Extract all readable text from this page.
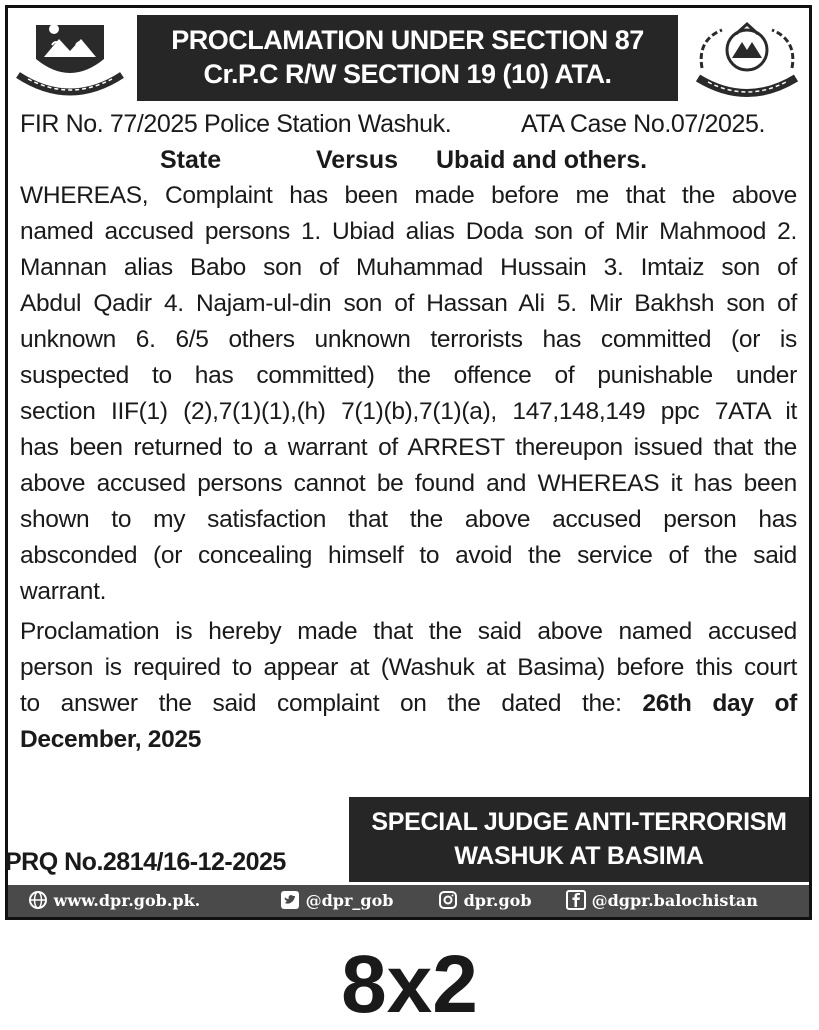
PROCLAMATION UNDER SECTION 87
Cr.P.C R/W SECTION 19 (10) ATA.
FIR No. 77/2025 Police Station Washuk.	ATA Case No.07/2025.
State	Versus Ubaid and others.
WHEREAS, Complaint has been made before me that the above
named accused persons 1. Ubiad alias Doda son of Mir Mahmood 2.
Mannan alias Babo son of Muhammad Hussain 3. Imtaiz son of
Abdul Qadir 4. Najam-ul-din son of Hassan Ali 5. Mir Bakhsh son of
unknown 6. 6/5 others unknown terrorists has committed (or is
suspected to has committed) the offence of punishable under
section IIF(1) (2),7(1)(1),(h) 7(1)(b),7(1)(a), 147,148,149 ppc 7ATA it
has been returned to a warrant of ARREST thereupon issued that the
above accused persons cannot be found and WHEREAS it has been
shown to my satisfaction that the above accused person has
absconded (or concealing himself to avoid the service of the said
warrant.
Proclamation is hereby made that the said above named accused
person is required to appear at (Washuk at Basima) before this court
to answer the said complaint on the dated the: 26th day of
December, 2025
SPECIAL JUDGE ANTI-TERRORISM
WASHUK AT BASIMA
PRQ No.2814/16-12-2025
www.dpr.gob.pk.	@dpr_gob	dpr.gob	@dgpr.balochistan
8x2
